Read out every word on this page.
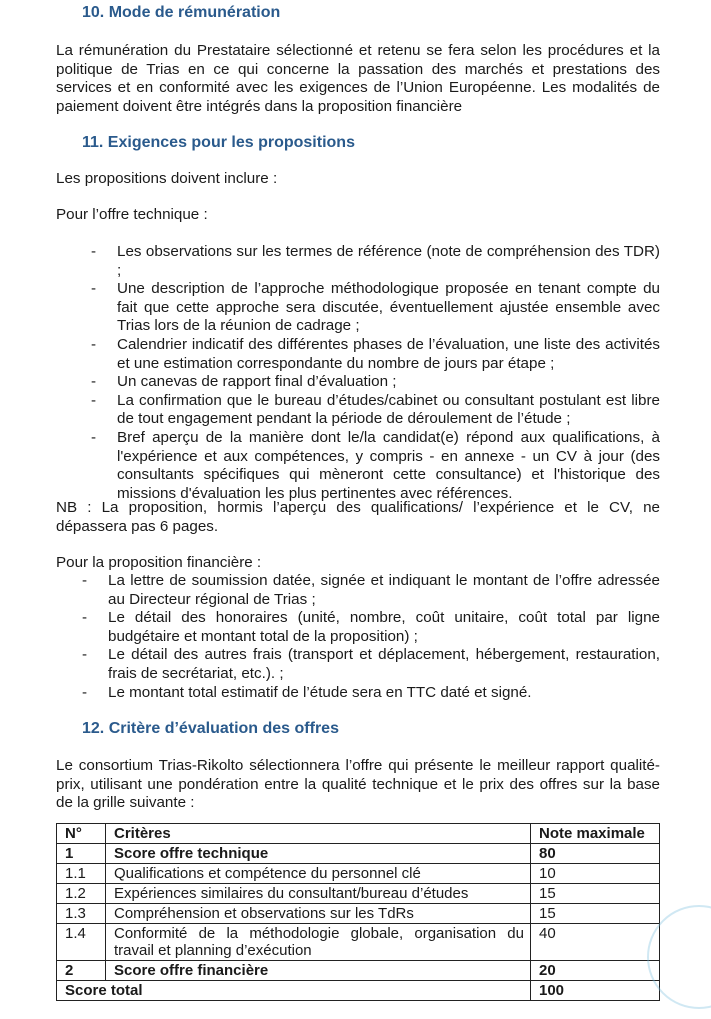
10. Mode de rémunération

La rémunération du Prestataire sélectionné et retenu se fera selon les procédures et la politique de Trias en ce qui concerne la passation des marchés et prestations des services et en conformité avec les exigences de l’Union Européenne. Les modalités de paiement doivent être intégrés dans la proposition financière

11. Exigences pour les propositions

Les propositions doivent inclure :

Pour l’offre technique :

- Les observations sur les termes de référence (note de compréhension des TDR) ;
- Une description de l’approche méthodologique proposée en tenant compte du fait que cette approche sera discutée, éventuellement ajustée ensemble avec Trias lors de la réunion de cadrage ;
- Calendrier indicatif des différentes phases de l’évaluation, une liste des activités et une estimation correspondante du nombre de jours par étape ;
- Un canevas de rapport final d’évaluation ;
- La confirmation que le bureau d’études/cabinet ou consultant postulant est libre de tout engagement pendant la période de déroulement de l’étude ;
- Bref aperçu de la manière dont le/la candidat(e) répond aux qualifications, à l'expérience et aux compétences, y compris - en annexe - un CV à jour (des consultants spécifiques qui mèneront cette consultance) et l'historique des missions d'évaluation les plus pertinentes avec références.

NB : La proposition, hormis l’aperçu des qualifications/ l’expérience et le CV, ne dépassera pas 6 pages.

Pour la proposition financière :

- La lettre de soumission datée, signée et indiquant le montant de l’offre adressée au Directeur régional de Trias ;
- Le détail des honoraires (unité, nombre, coût unitaire, coût total par ligne budgétaire et montant total de la proposition) ;
- Le détail des autres frais (transport et déplacement, hébergement, restauration, frais de secrétariat, etc.). ;
- Le montant total estimatif de l’étude sera en TTC daté et signé.
12. Critère d’évaluation des offres

Le consortium Trias-Rikolto sélectionnera l’offre qui présente le meilleur rapport qualité-prix, utilisant une pondération entre la qualité technique et le prix des offres sur la base de la grille suivante :

N°	Critères	Note maximale
1	Score offre technique	80
1.1	Qualifications et compétence du personnel clé	10
1.2	Expériences similaires du consultant/bureau d’études	15
1.3	Compréhension et observations sur les TdRs	15
1.4	Conformité de la méthodologie globale, organisation du travail et planning d’exécution	40
2	Score offre financière	20
Score total		100
